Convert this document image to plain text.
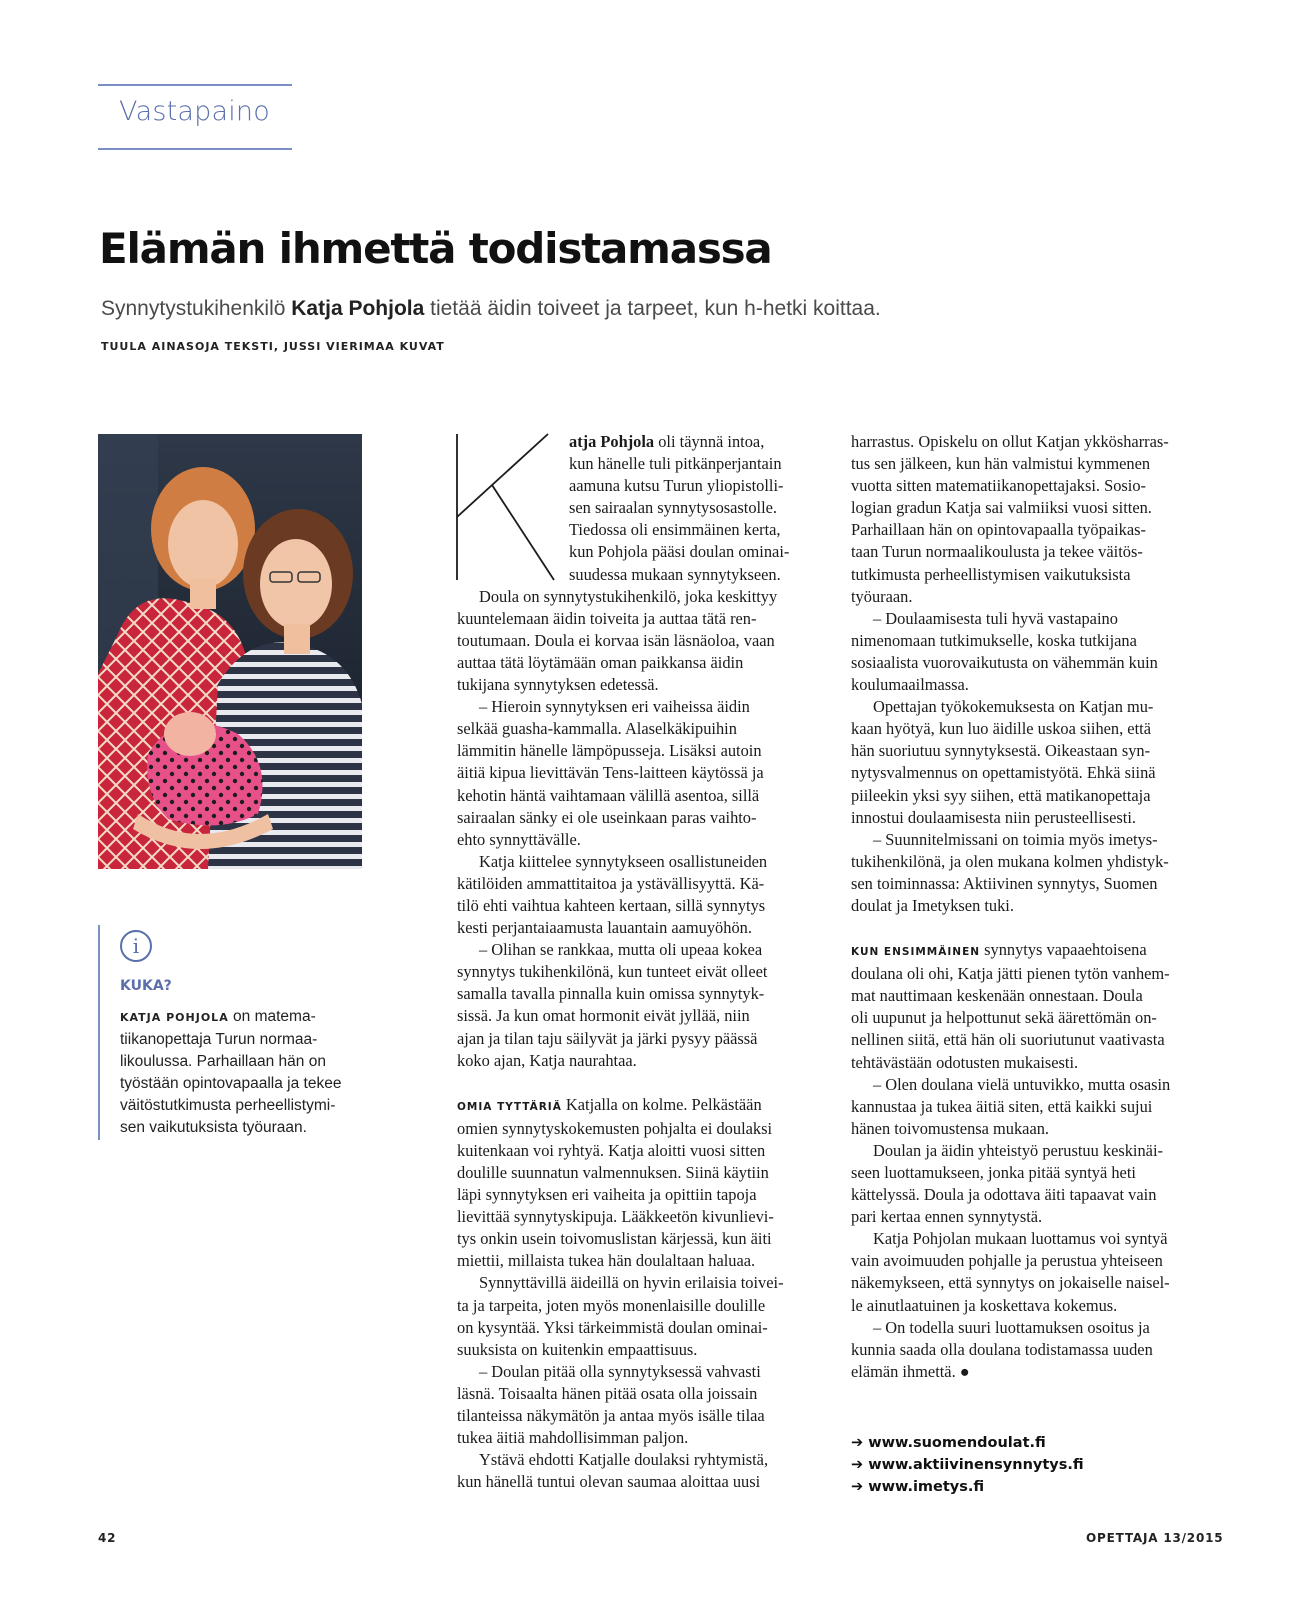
Vastapaino
Elämän ihmettä todistamassa
Synnytystukihenkilö Katja Pohjola tietää äidin toiveet ja tarpeet, kun h-hetki koittaa.
TUULA AINASOJA TEKSTI, JUSSI VIERIMAA KUVAT
i
KUKA?
KATJA POHJOLA on matema-
tiikanopettaja Turun normaa-
likoulussa. Parhaillaan hän on
työstään opintovapaalla ja tekee
väitöstutkimusta perheellistymi-
sen vaikutuksista työuraan.

atja Pohjola oli täynnä intoa,

kun hänelle tuli pitkänperjantain

aamuna kutsu Turun yliopistolli-

sen sairaalan synnytysosastolle.

Tiedossa oli ensimmäinen kerta,

kun Pohjola pääsi doulan ominai-

suudessa mukaan synnytykseen.

Doula on synnytystukihenkilö, joka keskittyy

kuuntelemaan äidin toiveita ja auttaa tätä ren-

toutumaan. Doula ei korvaa isän läsnäoloa, vaan

auttaa tätä löytämään oman paikkansa äidin

tukijana synnytyksen edetessä.

– Hieroin synnytyksen eri vaiheissa äidin

selkää guasha-kammalla. Alaselkäkipuihin

lämmitin hänelle lämpöpusseja. Lisäksi autoin

äitiä kipua lievittävän Tens-laitteen käytössä ja

kehotin häntä vaihtamaan välillä asentoa, sillä

sairaalan sänky ei ole useinkaan paras vaihto-

ehto synnyttävälle.

Katja kiittelee synnytykseen osallistuneiden

kätilöiden ammattitaitoa ja ystävällisyyttä. Kä-

tilö ehti vaihtua kahteen kertaan, sillä synnytys

kesti perjantaiaamusta lauantain aamuyöhön.

– Olihan se rankkaa, mutta oli upeaa kokea

synnytys tukihenkilönä, kun tunteet eivät olleet

samalla tavalla pinnalla kuin omissa synnytyk-

sissä. Ja kun omat hormonit eivät jyllää, niin

ajan ja tilan taju säilyvät ja järki pysyy päässä

koko ajan, Katja naurahtaa.

OMIA TYTTÄRIÄ Katjalla on kolme. Pelkästään

omien synnytyskokemusten pohjalta ei doulaksi

kuitenkaan voi ryhtyä. Katja aloitti vuosi sitten

doulille suunnatun valmennuksen. Siinä käytiin

läpi synnytyksen eri vaiheita ja opittiin tapoja

lievittää synnytyskipuja. Lääkkeetön kivunlievi-

tys onkin usein toivomuslistan kärjessä, kun äiti

miettii, millaista tukea hän doulaltaan haluaa.

Synnyttävillä äideillä on hyvin erilaisia toivei-

ta ja tarpeita, joten myös monenlaisille doulille

on kysyntää. Yksi tärkeimmistä doulan ominai-

suuksista on kuitenkin empaattisuus.

– Doulan pitää olla synnytyksessä vahvasti

läsnä. Toisaalta hänen pitää osata olla joissain

tilanteissa näkymätön ja antaa myös isälle tilaa

tukea äitiä mahdollisimman paljon.

Ystävä ehdotti Katjalle doulaksi ryhtymistä,

kun hänellä tuntui olevan saumaa aloittaa uusi

harrastus. Opiskelu on ollut Katjan ykkösharras-

tus sen jälkeen, kun hän valmistui kymmenen

vuotta sitten matematiikanopettajaksi. Sosio-

logian gradun Katja sai valmiiksi vuosi sitten.

Parhaillaan hän on opintovapaalla työpaikas-

taan Turun normaalikoulusta ja tekee väitös-

tutkimusta perheellistymisen vaikutuksista

työuraan.

– Doulaamisesta tuli hyvä vastapaino

nimenomaan tutkimukselle, koska tutkijana

sosiaalista vuorovaikutusta on vähemmän kuin

koulumaailmassa.

Opettajan työkokemuksesta on Katjan mu-

kaan hyötyä, kun luo äidille uskoa siihen, että

hän suoriutuu synnytyksestä. Oikeastaan syn-

nytysvalmennus on opettamistyötä. Ehkä siinä

piileekin yksi syy siihen, että matikanopettaja

innostui doulaamisesta niin perusteellisesti.

– Suunnitelmissani on toimia myös imetys-

tukihenkilönä, ja olen mukana kolmen yhdistyk-

sen toiminnassa: Aktiivinen synnytys, Suomen

doulat ja Imetyksen tuki.

KUN ENSIMMÄINEN synnytys vapaaehtoisena

doulana oli ohi, Katja jätti pienen tytön vanhem-

mat nauttimaan keskenään onnestaan. Doula

oli uupunut ja helpottunut sekä äärettömän on-

nellinen siitä, että hän oli suoriutunut vaativasta

tehtävästään odotusten mukaisesti.

– Olen doulana vielä untuvikko, mutta osasin

kannustaa ja tukea äitiä siten, että kaikki sujui

hänen toivomustensa mukaan.

Doulan ja äidin yhteistyö perustuu keskinäi-

seen luottamukseen, jonka pitää syntyä heti

kättelyssä. Doula ja odottava äiti tapaavat vain

pari kertaa ennen synnytystä.

Katja Pohjolan mukaan luottamus voi syntyä

vain avoimuuden pohjalle ja perustua yhteiseen

näkemykseen, että synnytys on jokaiselle naisel-

le ainutlaatuinen ja koskettava kokemus.

– On todella suuri luottamuksen osoitus ja

kunnia saada olla doulana todistamassa uuden

elämän ihmettä. ●

➔ www.suomendoulat.fi
➔ www.aktiivinensynnytys.fi
➔ www.imetys.fi
42	OPETTAJA 13/2015
